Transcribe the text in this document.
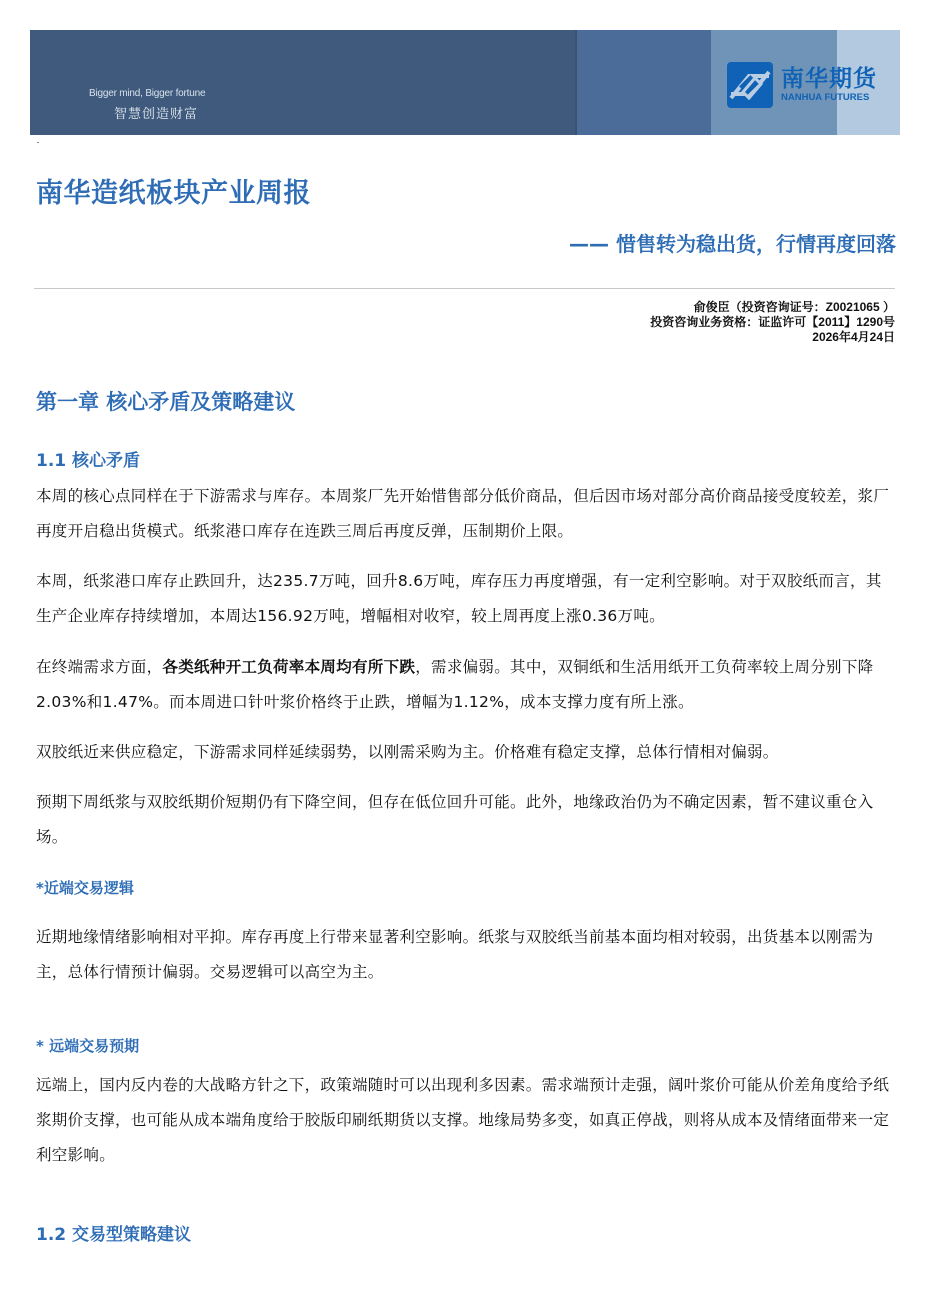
Bigger mind, Bigger fortune
智慧创造财富
南华期货
NANHUA FUTURES
南华造纸板块产业周报
—— 惜售转为稳出货，行情再度回落
俞俊臣（投资咨询证号：Z0021065 ）
投资咨询业务资格：证监许可【2011】1290号
2026年4月24日
第一章 核心矛盾及策略建议
1.1 核心矛盾
本周的核心点同样在于下游需求与库存。本周浆厂先开始惜售部分低价商品，但后因市场对部分高价商品接受度较差，浆厂再度开启稳出货模式。纸浆港口库存在连跌三周后再度反弹，压制期价上限。
本周，纸浆港口库存止跌回升，达235.7万吨，回升8.6万吨，库存压力再度增强，有一定利空影响。对于双胶纸而言，其生产企业库存持续增加，本周达156.92万吨，增幅相对收窄，较上周再度上涨0.36万吨。
在终端需求方面，各类纸种开工负荷率本周均有所下跌，需求偏弱。其中，双铜纸和生活用纸开工负荷率较上周分别下降2.03%和1.47%。而本周进口针叶浆价格终于止跌，增幅为1.12%，成本支撑力度有所上涨。
双胶纸近来供应稳定，下游需求同样延续弱势，以刚需采购为主。价格难有稳定支撑，总体行情相对偏弱。
预期下周纸浆与双胶纸期价短期仍有下降空间，但存在低位回升可能。此外，地缘政治仍为不确定因素，暂不建议重仓入场。
*近端交易逻辑
近期地缘情绪影响相对平抑。库存再度上行带来显著利空影响。纸浆与双胶纸当前基本面均相对较弱，出货基本以刚需为主，总体行情预计偏弱。交易逻辑可以高空为主。
* 远端交易预期
远端上，国内反内卷的大战略方针之下，政策端随时可以出现利多因素。需求端预计走强，阔叶浆价可能从价差角度给予纸浆期价支撑，也可能从成本端角度给于胶版印刷纸期货以支撑。地缘局势多变，如真正停战，则将从成本及情绪面带来一定利空影响。
1.2 交易型策略建议
